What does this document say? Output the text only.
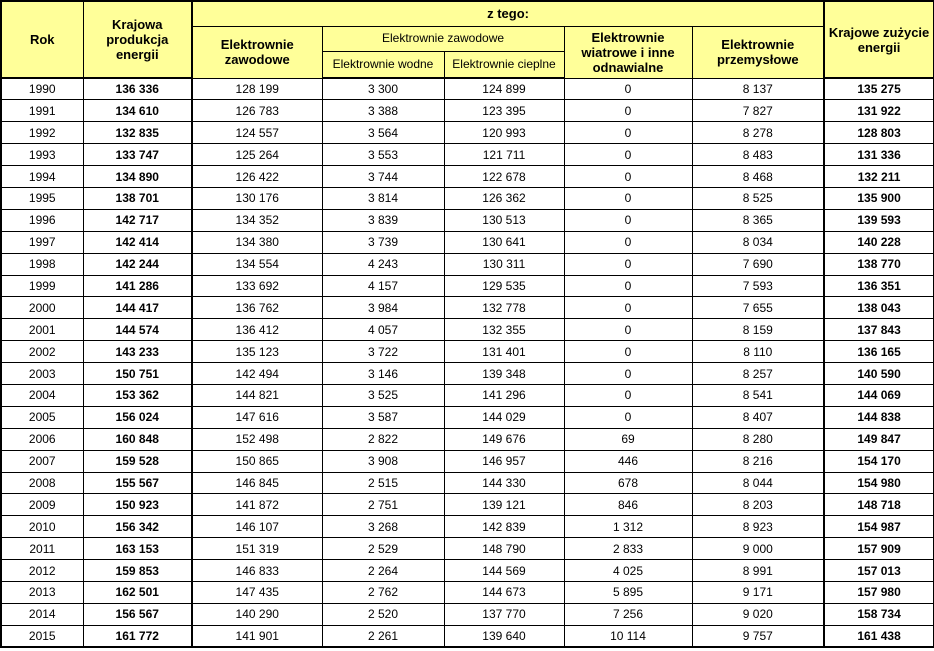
Rok	Krajowa produkcja energii	z tego:					Krajowe zużycie energii
		Elektrownie zawodowe	Elektrownie zawodowe		Elektrownie wiatrowe i inne odnawialne	Elektrownie przemysłowe	
			Elektrownie wodne	Elektrownie cieplne			
1990	136 336	128 199	3 300	124 899	0	8 137	135 275
1991	134 610	126 783	3 388	123 395	0	7 827	131 922
1992	132 835	124 557	3 564	120 993	0	8 278	128 803
1993	133 747	125 264	3 553	121 711	0	8 483	131 336
1994	134 890	126 422	3 744	122 678	0	8 468	132 211
1995	138 701	130 176	3 814	126 362	0	8 525	135 900
1996	142 717	134 352	3 839	130 513	0	8 365	139 593
1997	142 414	134 380	3 739	130 641	0	8 034	140 228
1998	142 244	134 554	4 243	130 311	0	7 690	138 770
1999	141 286	133 692	4 157	129 535	0	7 593	136 351
2000	144 417	136 762	3 984	132 778	0	7 655	138 043
2001	144 574	136 412	4 057	132 355	0	8 159	137 843
2002	143 233	135 123	3 722	131 401	0	8 110	136 165
2003	150 751	142 494	3 146	139 348	0	8 257	140 590
2004	153 362	144 821	3 525	141 296	0	8 541	144 069
2005	156 024	147 616	3 587	144 029	0	8 407	144 838
2006	160 848	152 498	2 822	149 676	69	8 280	149 847
2007	159 528	150 865	3 908	146 957	446	8 216	154 170
2008	155 567	146 845	2 515	144 330	678	8 044	154 980
2009	150 923	141 872	2 751	139 121	846	8 203	148 718
2010	156 342	146 107	3 268	142 839	1 312	8 923	154 987
2011	163 153	151 319	2 529	148 790	2 833	9 000	157 909
2012	159 853	146 833	2 264	144 569	4 025	8 991	157 013
2013	162 501	147 435	2 762	144 673	5 895	9 171	157 980
2014	156 567	140 290	2 520	137 770	7 256	9 020	158 734
2015	161 772	141 901	2 261	139 640	10 114	9 757	161 438
